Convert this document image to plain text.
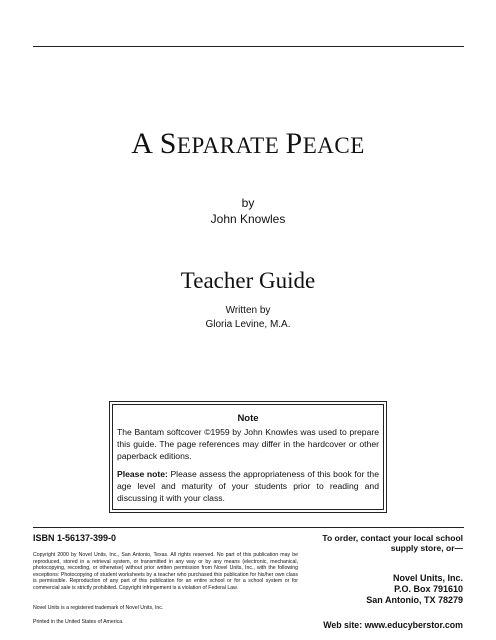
A SEPARATE PEACE
by
John Knowles
Teacher Guide
Written by
Gloria Levine, M.A.
Note

The Bantam softcover ©1959 by John Knowles was used to prepare this guide. The page references may differ in the hardcover or other paperback editions.

Please note: Please assess the appropriateness of this book for the age level and maturity of your students prior to reading and discussing it with your class.

ISBN 1-56137-399-0
Copyright 2000 by Novel Units, Inc., San Antonio, Texas. All rights reserved. No part of this publication may be reproduced, stored in a retrieval system, or transmitted in any way or by any means (electronic, mechanical, photocopying, recording, or otherwise) without prior written permission from Novel Units, Inc., with the following exceptions: Photocopying of student worksheets by a teacher who purchased this publication for his/her own class is permissible. Reproduction of any part of this publication for an entire school or for a school system or for commercial sale is strictly prohibited. Copyright infringement is a violation of Federal Law.
Novel Units is a registered trademark of Novel Units, Inc.
Printed in the United States of America.
To order, contact your local school
supply store, or—
Novel Units, Inc.
P.O. Box 791610
San Antonio, TX 78279
Web site: www.educyberstor.com
